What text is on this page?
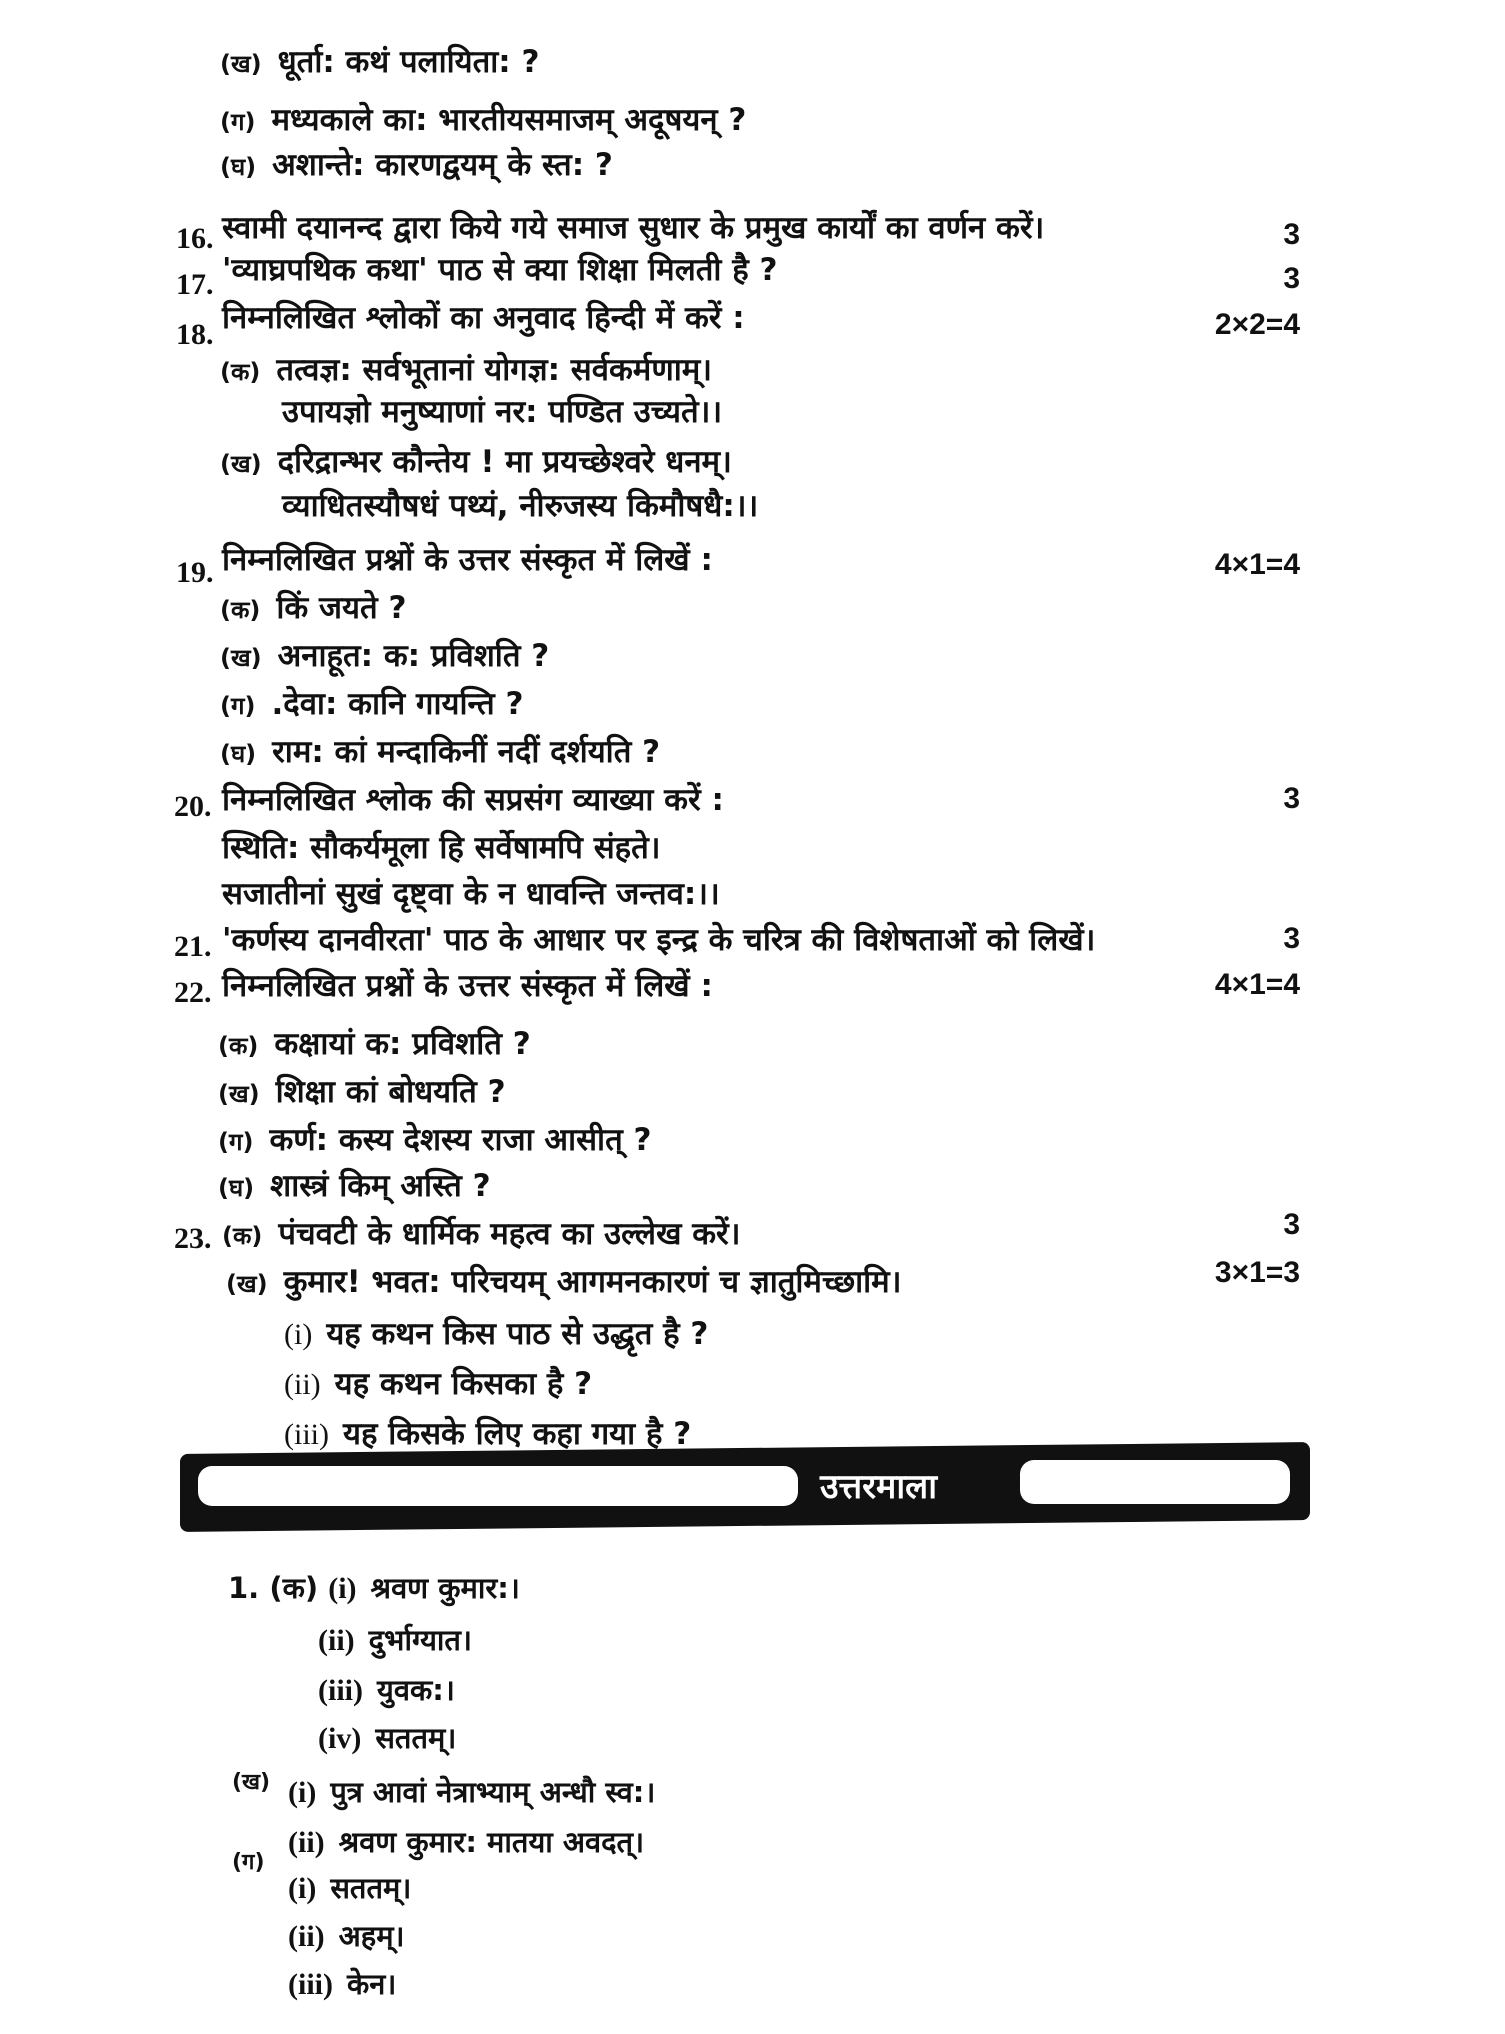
(ख) धूर्ता: कथं पलायिता: ?
(ग) मध्यकाले का: भारतीयसमाजम् अदूषयन् ?
(घ) अशान्ते: कारणद्वयम् के स्त: ?
16. स्वामी दयानन्द द्वारा किये गये समाज सुधार के प्रमुख कार्यों का वर्णन करें।	3
17. 'व्याघ्रपथिक कथा' पाठ से क्या शिक्षा मिलती है ?	3
18. निम्नलिखित श्लोकों का अनुवाद हिन्दी में करें :	2×2=4
(क) तत्वज्ञ: सर्वभूतानां योगज्ञ: सर्वकर्मणाम्।
उपायज्ञो मनुष्याणां नर: पण्डित उच्यते।।
(ख) दरिद्रान्भर कौन्तेय ! मा प्रयच्छेश्वरे धनम्।
व्याधितस्यौषधं पथ्यं, नीरुजस्य किमौषधै:।।
19. निम्नलिखित प्रश्नों के उत्तर संस्कृत में लिखें :	4×1=4
(क) किं जयते ?
(ख) अनाहूत: क: प्रविशति ?
(ग) .देवा: कानि गायन्ति ?
(घ) राम: कां मन्दाकिनीं नदीं दर्शयति ?
20. निम्नलिखित श्लोक की सप्रसंग व्याख्या करें :	3
स्थिति: सौकर्यमूला हि सर्वेषामपि संहते।
सजातीनां सुखं दृष्ट्वा के न धावन्ति जन्तव:।।
21. 'कर्णस्य दानवीरता' पाठ के आधार पर इन्द्र के चरित्र की विशेषताओं को लिखें।	3
22. निम्नलिखित प्रश्नों के उत्तर संस्कृत में लिखें :	4×1=4
(क) कक्षायां क: प्रविशति ?
(ख) शिक्षा कां बोधयति ?
(ग) कर्ण: कस्य देशस्य राजा आसीत् ?
(घ) शास्त्रं किम् अस्ति ?
23. (क) पंचवटी के धार्मिक महत्व का उल्लेख करें।	3
(ख) कुमार! भवत: परिचयम् आगमनकारणं च ज्ञातुमिच्छामि।	3×1=3
(i) यह कथन किस पाठ से उद्धृत है ?
(ii) यह कथन किसका है ?
(iii) यह किसके लिए कहा गया है ?
उत्तरमाला
1. (क) (i) श्रवण कुमार:।
(ii) दुर्भाग्यात।
(iii) युवक:।
(iv) सततम्।
(ख) (i) पुत्र आवां नेत्राभ्याम् अन्धौ स्व:।
(ii) श्रवण कुमार: मातया अवदत्।
(ग)
(i) सततम्।
(ii) अहम्।
(iii) केन।
